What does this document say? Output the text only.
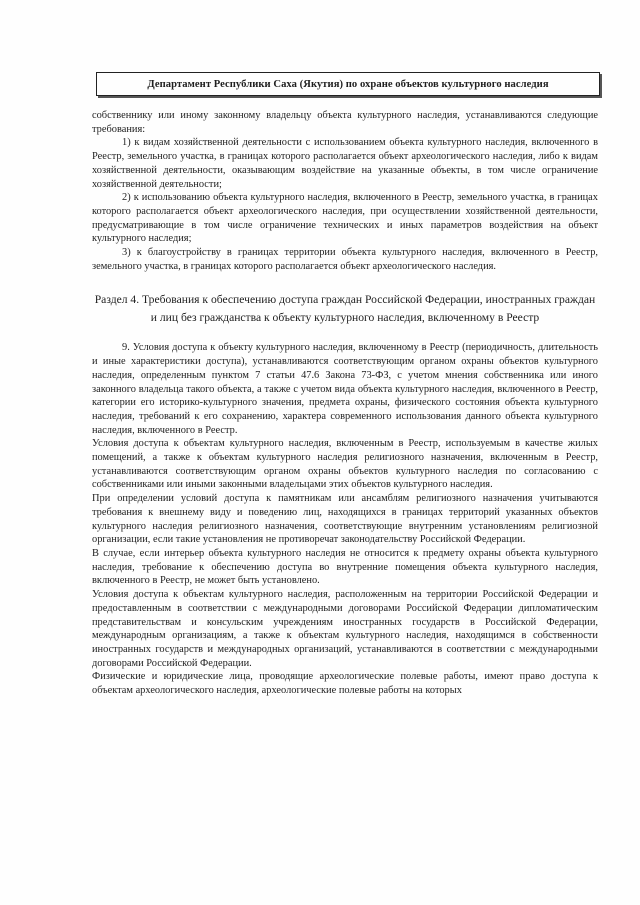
Департамент Республики Саха (Якутия) по охране объектов культурного наследия

собственнику или иному законному владельцу объекта культурного наследия, устанавливаются следующие требования:

1) к видам хозяйственной деятельности с использованием объекта культурного наследия, включенного в Реестр, земельного участка, в границах которого располагается объект археологического наследия, либо к видам хозяйственной деятельности, оказывающим воздействие на указанные объекты, в том числе ограничение хозяйственной деятельности;

2) к использованию объекта культурного наследия, включенного в Реестр, земельного участка, в границах которого располагается объект археологического наследия, при осуществлении хозяйственной деятельности, предусматривающие в том числе ограничение технических и иных параметров воздействия на объект культурного наследия;

3) к благоустройству в границах территории объекта культурного наследия, включенного в Реестр, земельного участка, в границах которого располагается объект археологического наследия.

Раздел 4. Требования к обеспечению доступа граждан Российской Федерации, иностранных граждан и лиц без гражданства к объекту культурного наследия, включенному в Реестр

9. Условия доступа к объекту культурного наследия, включенному в Реестр (периодичность, длительность и иные характеристики доступа), устанавливаются соответствующим органом охраны объектов культурного наследия, определенным пунктом 7 статьи 47.6 Закона 73-ФЗ, с учетом мнения собственника или иного законного владельца такого объекта, а также с учетом вида объекта культурного наследия, включенного в Реестр, категории его историко-культурного значения, предмета охраны, физического состояния объекта культурного наследия, требований к его сохранению, характера современного использования данного объекта культурного наследия, включенного в Реестр.

Условия доступа к объектам культурного наследия, включенным в Реестр, используемым в качестве жилых помещений, а также к объектам культурного наследия религиозного назначения, включенным в Реестр, устанавливаются соответствующим органом охраны объектов культурного наследия по согласованию с собственниками или иными законными владельцами этих объектов культурного наследия.

При определении условий доступа к памятникам или ансамблям религиозного назначения учитываются требования к внешнему виду и поведению лиц, находящихся в границах территорий указанных объектов культурного наследия религиозного назначения, соответствующие внутренним установлениям религиозной организации, если такие установления не противоречат законодательству Российской Федерации.

В случае, если интерьер объекта культурного наследия не относится к предмету охраны объекта культурного наследия, требование к обеспечению доступа во внутренние помещения объекта культурного наследия, включенного в Реестр, не может быть установлено.

Условия доступа к объектам культурного наследия, расположенным на территории Российской Федерации и предоставленным в соответствии с международными договорами Российской Федерации дипломатическим представительствам и консульским учреждениям иностранных государств в Российской Федерации, международным организациям, а также к объектам культурного наследия, находящимся в собственности иностранных государств и международных организаций, устанавливаются в соответствии с международными договорами Российской Федерации.

Физические и юридические лица, проводящие археологические полевые работы, имеют право доступа к объектам археологического наследия, археологические полевые работы на которых
